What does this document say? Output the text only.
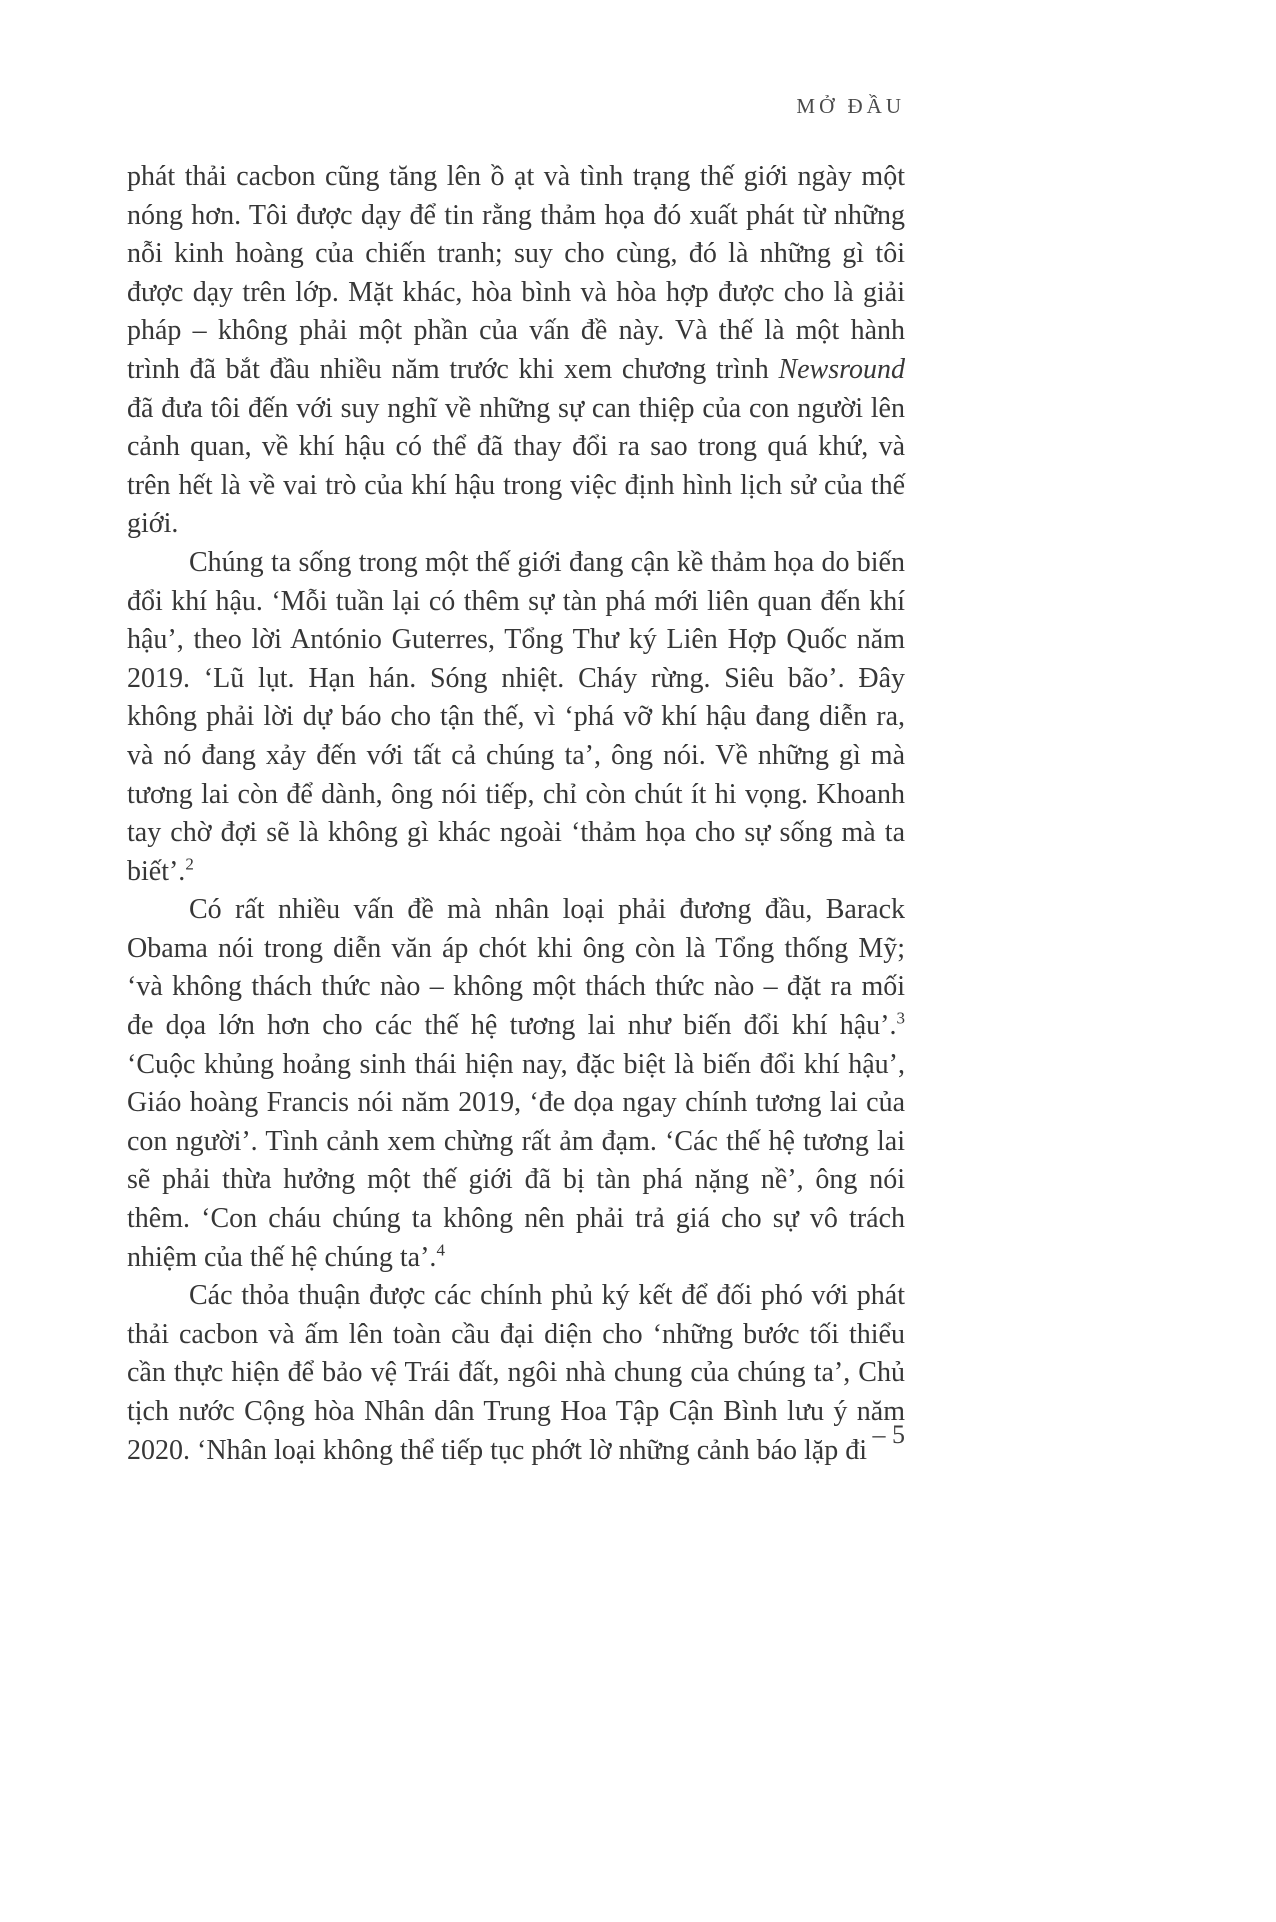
MỞ ĐẦU

phát thải cacbon cũng tăng lên ồ ạt và tình trạng thế giới ngày một nóng hơn. Tôi được dạy để tin rằng thảm họa đó xuất phát từ những nỗi kinh hoàng của chiến tranh; suy cho cùng, đó là những gì tôi được dạy trên lớp. Mặt khác, hòa bình và hòa hợp được cho là giải pháp – không phải một phần của vấn đề này. Và thế là một hành trình đã bắt đầu nhiều năm trước khi xem chương trình Newsround đã đưa tôi đến với suy nghĩ về những sự can thiệp của con người lên cảnh quan, về khí hậu có thể đã thay đổi ra sao trong quá khứ, và trên hết là về vai trò của khí hậu trong việc định hình lịch sử của thế giới.

Chúng ta sống trong một thế giới đang cận kề thảm họa do biến đổi khí hậu. ‘Mỗi tuần lại có thêm sự tàn phá mới liên quan đến khí hậu’, theo lời António Guterres, Tổng Thư ký Liên Hợp Quốc năm 2019. ‘Lũ lụt. Hạn hán. Sóng nhiệt. Cháy rừng. Siêu bão’. Đây không phải lời dự báo cho tận thế, vì ‘phá vỡ khí hậu đang diễn ra, và nó đang xảy đến với tất cả chúng ta’, ông nói. Về những gì mà tương lai còn để dành, ông nói tiếp, chỉ còn chút ít hi vọng. Khoanh tay chờ đợi sẽ là không gì khác ngoài ‘thảm họa cho sự sống mà ta biết’.$^2$

Có rất nhiều vấn đề mà nhân loại phải đương đầu, Barack Obama nói trong diễn văn áp chót khi ông còn là Tổng thống Mỹ; ‘và không thách thức nào – không một thách thức nào – đặt ra mối đe dọa lớn hơn cho các thế hệ tương lai như biến đổi khí hậu’.$^3$ ‘Cuộc khủng hoảng sinh thái hiện nay, đặc biệt là biến đổi khí hậu’, Giáo hoàng Francis nói năm 2019, ‘đe dọa ngay chính tương lai của con người’. Tình cảnh xem chừng rất ảm đạm. ‘Các thế hệ tương lai sẽ phải thừa hưởng một thế giới đã bị tàn phá nặng nề’, ông nói thêm. ‘Con cháu chúng ta không nên phải trả giá cho sự vô trách nhiệm của thế hệ chúng ta’.$^4$

Các thỏa thuận được các chính phủ ký kết để đối phó với phát thải cacbon và ấm lên toàn cầu đại diện cho ‘những bước tối thiểu cần thực hiện để bảo vệ Trái đất, ngôi nhà chung của chúng ta’, Chủ tịch nước Cộng hòa Nhân dân Trung Hoa Tập Cận Bình lưu ý năm 2020. ‘Nhân loại không thể tiếp tục phớt lờ những cảnh báo lặp đi

– 5
